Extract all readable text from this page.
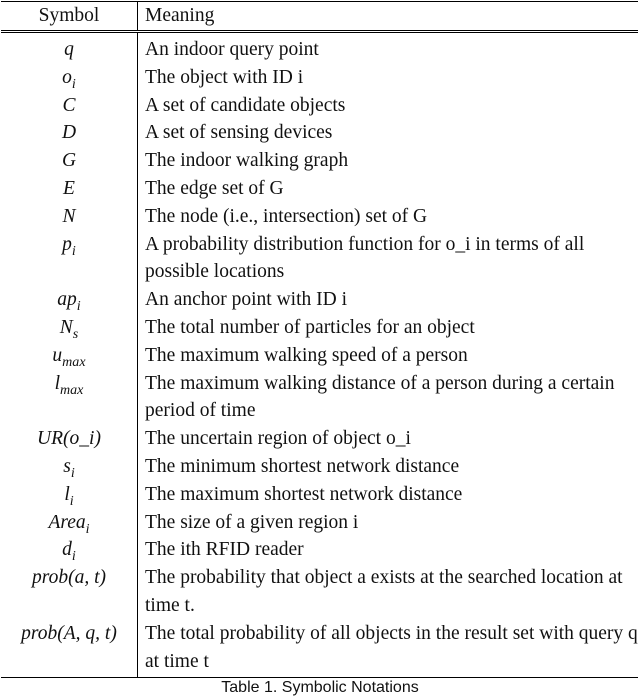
Symbol	Meaning
q	An indoor query point
$o_i$	The object with ID i
C	A set of candidate objects
D	A set of sensing devices
G	The indoor walking graph
E	The edge set of G
N	The node (i.e., intersection) set of G
$p_i$	A probability distribution function for o_i in terms of all possible locations
$ap_i$	An anchor point with ID i
$N_s$	The total number of particles for an object
$u_{max}$	The maximum walking speed of a person
$l_{max}$	The maximum walking distance of a person during a certain period of time
UR(o_i)	The uncertain region of object o_i
$s_i$	The minimum shortest network distance
$l_i$	The maximum shortest network distance
Area$_i$	The size of a given region i
$d_i$	The ith RFID reader
prob(a, t)	The probability that object a exists at the searched location at time t.
prob(A, q, t)	The total probability of all objects in the result set with query q at time t
Table 1. Symbolic Notations
